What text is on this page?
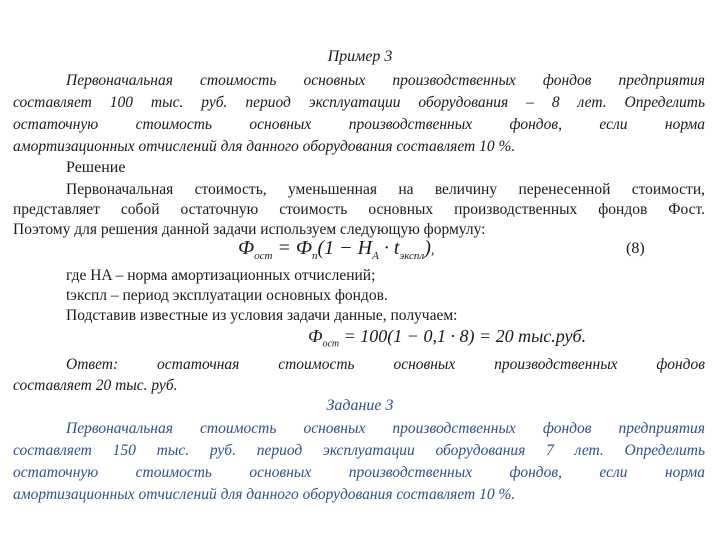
Пример 3
Первоначальная стоимость основных производственных фондов предприятия
составляет 100 тыс. руб. период эксплуатации оборудования – 8 лет. Определить
остаточную стоимость основных производственных фондов, если норма
амортизационных отчислений для данного оборудования составляет 10 %.
Решение
Первоначальная стоимость, уменьшенная на величину перенесенной стоимости,
представляет собой остаточную стоимость основных производственных фондов Фост.
Поэтому для решения данной задачи используем следующую формулу:
$Ф_{ост} = Ф_п(1 - H_A \cdot t_{экспл})$,	(8)
где HA – норма амортизационных отчислений;
tэкспл – период эксплуатации основных фондов.
Подставив известные из условия задачи данные, получаем:
$Ф_{ост} = 100(1 - 0,1 \cdot 8) = 20$ тыс.руб.
Ответ: остаточная стоимость основных производственных фондов
составляет 20 тыс. руб.
Задание 3
Первоначальная стоимость основных производственных фондов предприятия
составляет 150 тыс. руб. период эксплуатации оборудования 7 лет. Определить
остаточную стоимость основных производственных фондов, если норма
амортизационных отчислений для данного оборудования составляет 10 %.
